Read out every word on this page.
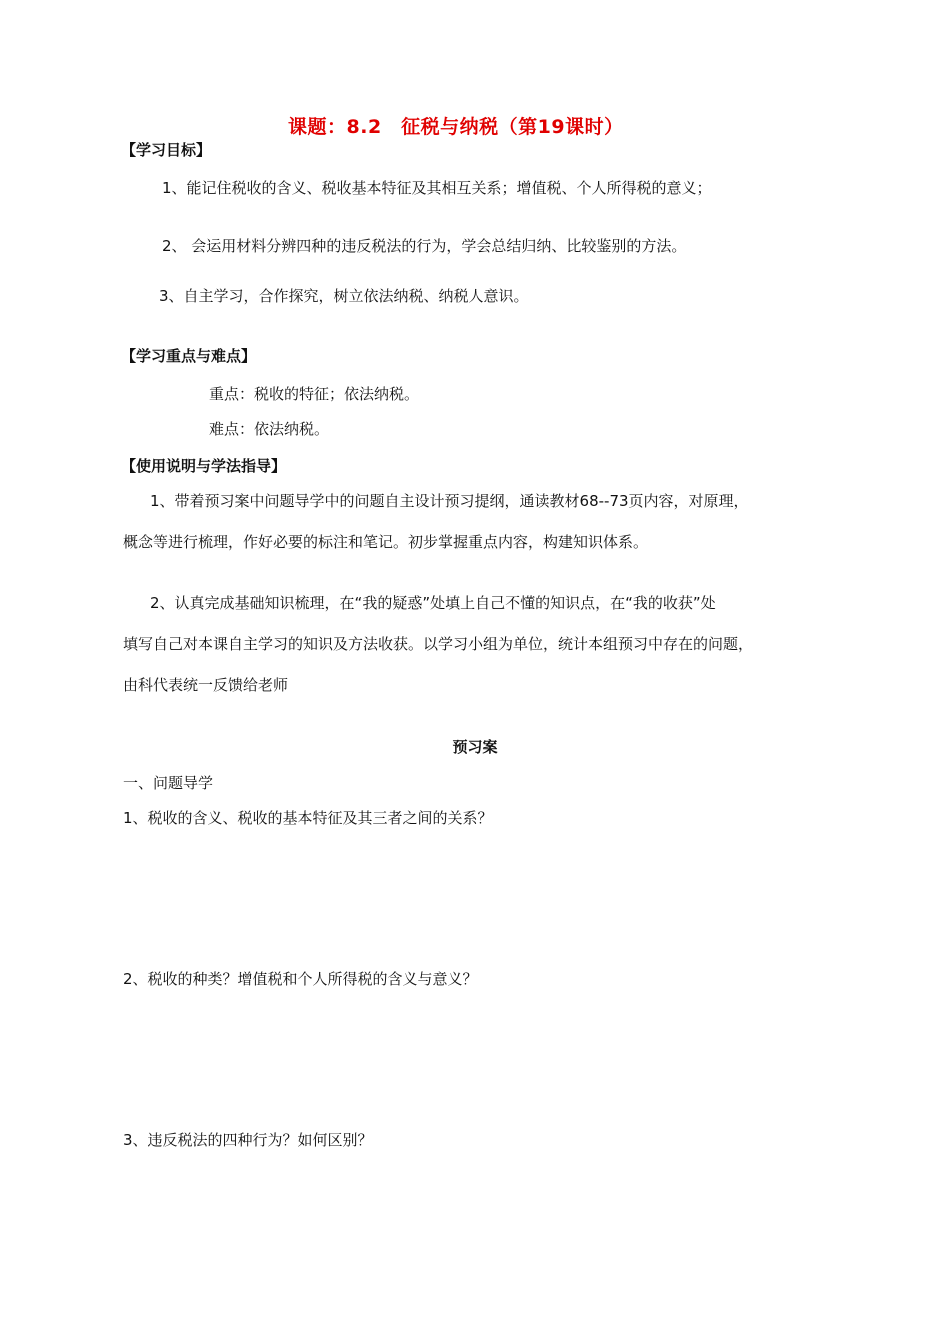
课题：8.2　征税与纳税（第19课时）
【学习目标】
1、能记住税收的含义、税收基本特征及其相互关系；增值税、个人所得税的意义；
2、 会运用材料分辨四种的违反税法的行为，学会总结归纳、比较鉴别的方法。
3、自主学习，合作探究，树立依法纳税、纳税人意识。
【学习重点与难点】
重点：税收的特征；依法纳税。
难点：依法纳税。
【使用说明与学法指导】
1、带着预习案中问题导学中的问题自主设计预习提纲，通读教材68--73页内容，对原理，
概念等进行梳理，作好必要的标注和笔记。初步掌握重点内容，构建知识体系。
2、认真完成基础知识梳理，在“我的疑惑”处填上自己不懂的知识点，在“我的收获”处
填写自己对本课自主学习的知识及方法收获。以学习小组为单位，统计本组预习中存在的问题，
由科代表统一反馈给老师
预习案
一、问题导学
1、税收的含义、税收的基本特征及其三者之间的关系？
2、税收的种类？增值税和个人所得税的含义与意义？
3、违反税法的四种行为？如何区别？
